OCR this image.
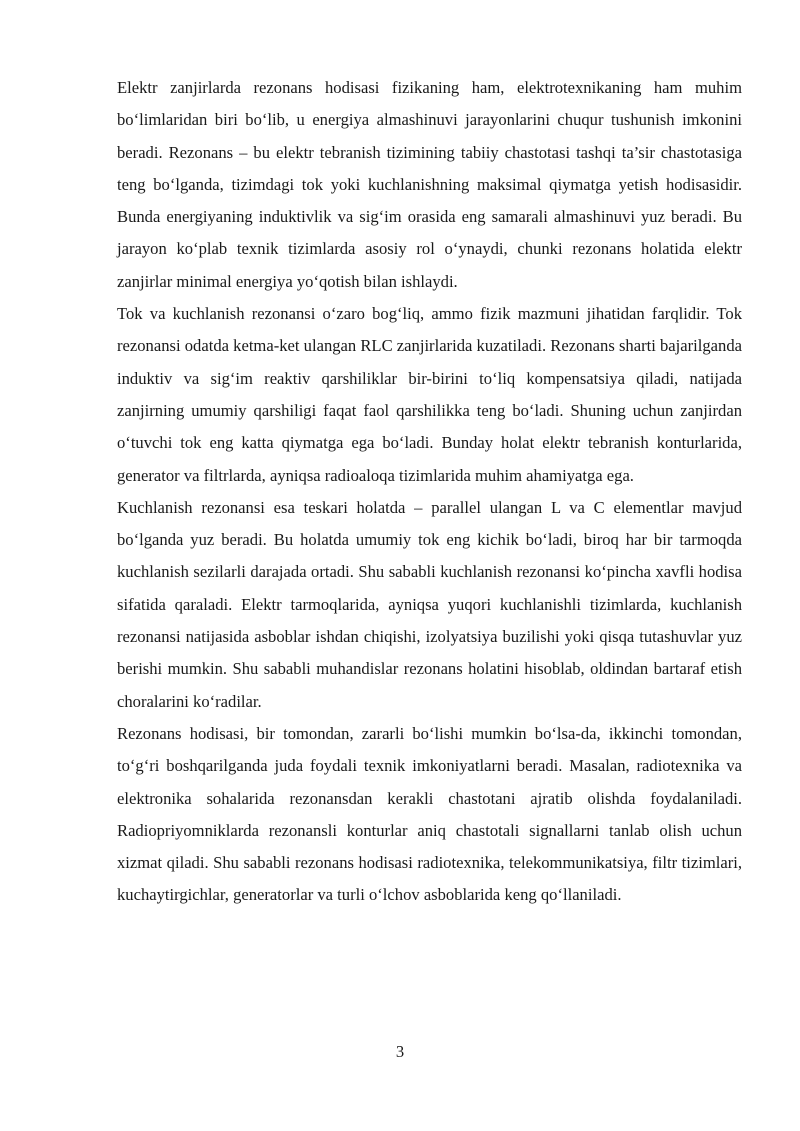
Elektr zanjirlarda rezonans hodisasi fizikaning ham, elektrotexnikaning ham muhim bo‘limlaridan biri bo‘lib, u energiya almashinuvi jarayonlarini chuqur tushunish imkonini beradi. Rezonans – bu elektr tebranish tizimining tabiiy chastotasi tashqi ta’sir chastotasiga teng bo‘lganda, tizimdagi tok yoki kuchlanishning maksimal qiymatga yetish hodisasidir. Bunda energiyaning induktivlik va sig‘im orasida eng samarali almashinuvi yuz beradi. Bu jarayon ko‘plab texnik tizimlarda asosiy rol o‘ynaydi, chunki rezonans holatida elektr zanjirlar minimal energiya yo‘qotish bilan ishlaydi.

Tok va kuchlanish rezonansi o‘zaro bog‘liq, ammo fizik mazmuni jihatidan farqlidir. Tok rezonansi odatda ketma-ket ulangan RLC zanjirlarida kuzatiladi. Rezonans sharti bajarilganda induktiv va sig‘im reaktiv qarshiliklar bir-birini to‘liq kompensatsiya qiladi, natijada zanjirning umumiy qarshiligi faqat faol qarshilikka teng bo‘ladi. Shuning uchun zanjirdan o‘tuvchi tok eng katta qiymatga ega bo‘ladi. Bunday holat elektr tebranish konturlarida, generator va filtrlarda, ayniqsa radioaloqa tizimlarida muhim ahamiyatga ega.

Kuchlanish rezonansi esa teskari holatda – parallel ulangan L va C elementlar mavjud bo‘lganda yuz beradi. Bu holatda umumiy tok eng kichik bo‘ladi, biroq har bir tarmoqda kuchlanish sezilarli darajada ortadi. Shu sababli kuchlanish rezonansi ko‘pincha xavfli hodisa sifatida qaraladi. Elektr tarmoqlarida, ayniqsa yuqori kuchlanishli tizimlarda, kuchlanish rezonansi natijasida asboblar ishdan chiqishi, izolyatsiya buzilishi yoki qisqa tutashuvlar yuz berishi mumkin. Shu sababli muhandislar rezonans holatini hisoblab, oldindan bartaraf etish choralarini ko‘radilar.

Rezonans hodisasi, bir tomondan, zararli bo‘lishi mumkin bo‘lsa-da, ikkinchi tomondan, to‘g‘ri boshqarilganda juda foydali texnik imkoniyatlarni beradi. Masalan, radiotexnika va elektronika sohalarida rezonansdan kerakli chastotani ajratib olishda foydalaniladi. Radiopriyomniklarda rezonansli konturlar aniq chastotali signallarni tanlab olish uchun xizmat qiladi. Shu sababli rezonans hodisasi radiotexnika, telekommunikatsiya, filtr tizimlari, kuchaytirgichlar, generatorlar va turli o‘lchov asboblarida keng qo‘llaniladi.

3
